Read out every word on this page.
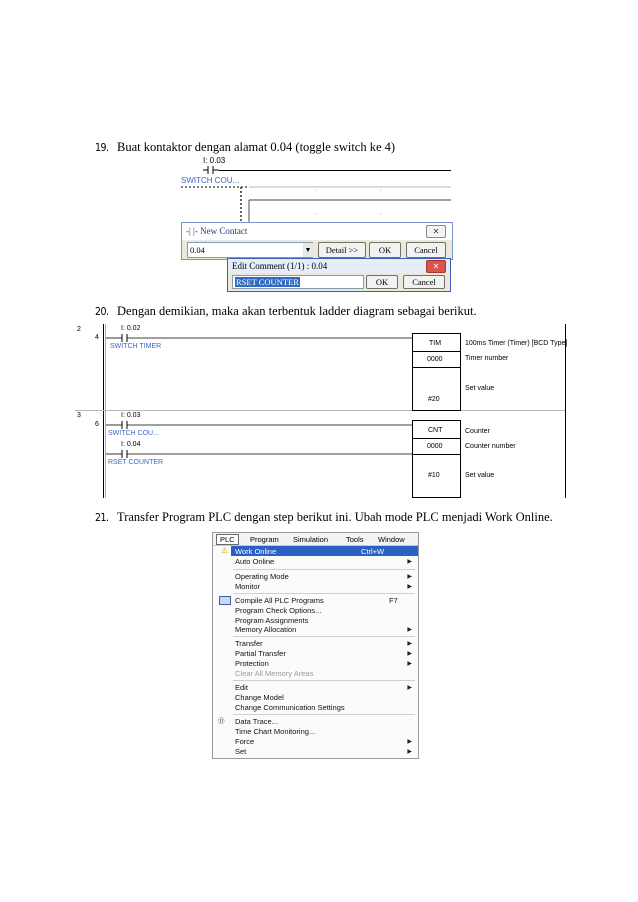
19. Buat kontaktor dengan alamat 0.04 (toggle switch ke 4)
I: 0.03
SWITCH COU...
-| |- New Contact	✕
0.04	▼	Detail >>	OK	Cancel
Edit Comment (1/1) : 0.04	✕
RSET COUNTER	OK	Cancel
20. Dengan demikian, maka akan terbentuk ladder diagram sebagai berikut.
2
4
I: 0.02
SWITCH TIMER	TIM
0000
#20
100ms Timer (Timer) [BCD Type]
Timer number
Set value
3
6
I: 0.03
SWITCH COU...
I: 0.04
RSET COUNTER
CNT
0000
#10
Counter
Counter number
Set value
21. Transfer Program PLC dengan step berikut ini. Ubah mode PLC menjadi Work Online.
PLC	Program Simulation Tools Window
⚠ Work Online	Ctrl+W
Auto Online	▶
Operating Mode	▶
Monitor	▶
Compile All PLC Programs	F7
Program Check Options...
Program Assignments
Memory Allocation	▶
Transfer	▶
Partial Transfer	▶
Protection	▶
Clear All Memory Areas
Edit	▶
Change Model
Change Communication Settings
Ⓓ Data Trace...
Time Chart Monitoring...
Force	▶
Set	▶
